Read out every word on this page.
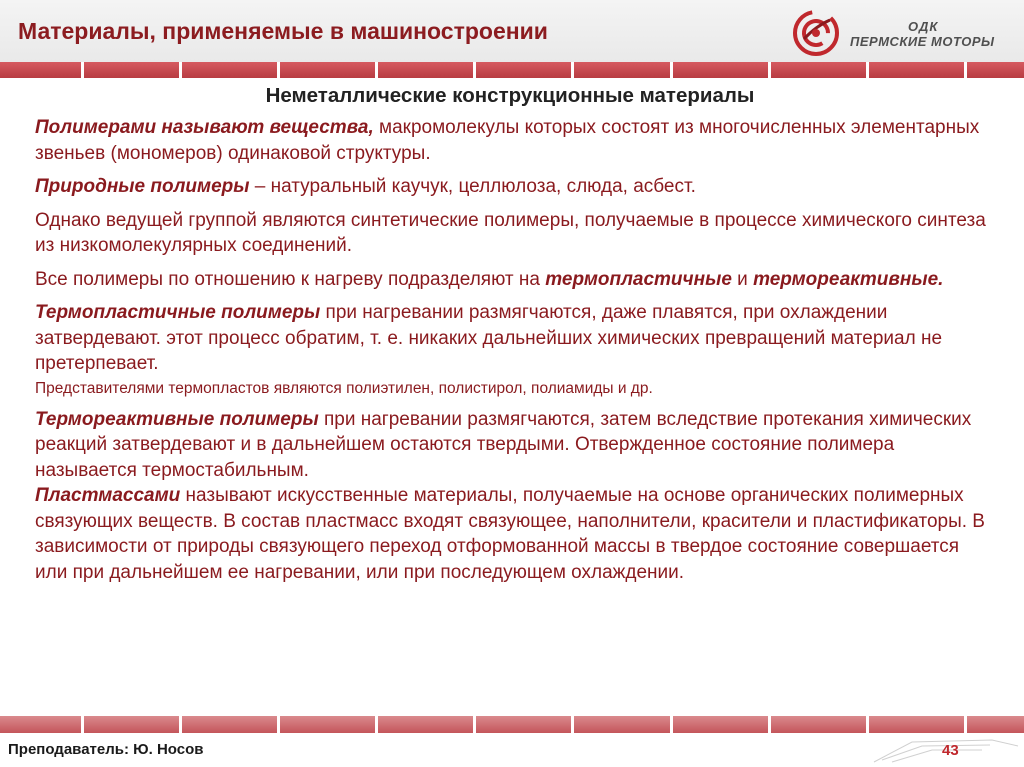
Материалы, применяемые в машиностроении	ОДК
ПЕРМСКИЕ МОТОРЫ
Неметаллические конструкционные материалы

Полимерами называют вещества, макромолекулы которых состоят из многочисленных элементарных звеньев (мономеров) одинаковой структуры.

Природные полимеры – натуральный каучук, целлюлоза, слюда, асбест.

Однако ведущей группой являются синтетические полимеры, получаемые в процессе химического синтеза из низкомолекулярных соединений.

Все полимеры по отношению к нагреву подразделяют на термопластичные и термореактивные.

Термопластичные полимеры при нагревании размягчаются, даже плавятся, при охлаждении затвердевают. этот процесс обратим, т. е. никаких дальнейших химических превращений материал не претерпевает.

Представителями термопластов являются полиэтилен, полистирол, полиамиды и др.

Термореактивные полимеры при нагревании размягчаются, затем вследствие протекания химических реакций затвердевают и в дальнейшем остаются твердыми. Отвержденное состояние полимера называется термостабильным.

Пластмассами называют искусственные материалы, получаемые на основе органических полимерных связующих веществ. В состав пластмасс входят связующее, наполнители, красители и пластификаторы. В зависимости от природы связующего переход отформованной массы в твердое состояние совершается или при дальнейшем ее нагревании, или при последующем охлаждении.

Преподаватель: Ю. Носов	43
